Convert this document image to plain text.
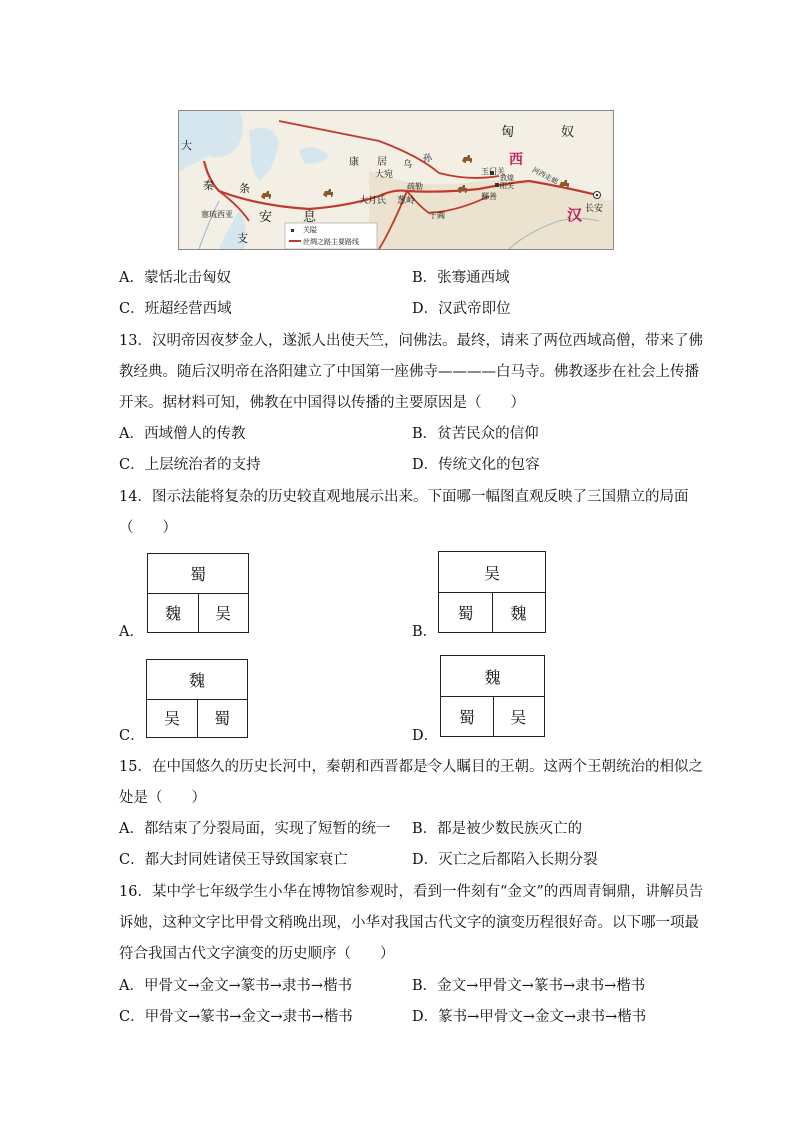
大
秦 条
支
安 息
塞琉西亚
康 居
大宛
乌
孙
疏勒
大月氏 葱岭
于阗
鄯善
玉门关
阳关
敦煌 河西走廊
长安
匈	奴
西
汉
关隘
丝绸之路主要路线
A．蒙恬北击匈奴	B．张骞通西域
C．班超经营西域	D．汉武帝即位
13．汉明帝因夜梦金人，遂派人出使天竺，问佛法。最终，请来了两位西域高僧，带来了佛
教经典。随后汉明帝在洛阳建立了中国第一座佛寺————白马寺。佛教逐步在社会上传播
开来。据材料可知，佛教在中国得以传播的主要原因是（　　）
A．西域僧人的传教	B．贫苦民众的信仰
C．上层统治者的支持	D．传统文化的包容
14．图示法能将复杂的历史较直观地展示出来。下面哪一幅图直观反映了三国鼎立的局面
（　　）
A．
蜀
魏	吴
B．
吴
蜀	魏
C．
魏
吴	蜀
D．
魏
蜀	吴
15．在中国悠久的历史长河中，秦朝和西晋都是令人瞩目的王朝。这两个王朝统治的相似之
处是（　　）
A．都结束了分裂局面，实现了短暂的统一 B．都是被少数民族灭亡的
C．都大封同姓诸侯王导致国家衰亡	D．灭亡之后都陷入长期分裂
16．某中学七年级学生小华在博物馆参观时，看到一件刻有“金文”的西周青铜鼎，讲解员告
诉她，这种文字比甲骨文稍晚出现，小华对我国古代文字的演变历程很好奇。以下哪一项最
符合我国古代文字演变的历史顺序（　　）
A．甲骨文→金文→篆书→隶书→楷书	B．金文→甲骨文→篆书→隶书→楷书
C．甲骨文→篆书→金文→隶书→楷书	D．篆书→甲骨文→金文→隶书→楷书
